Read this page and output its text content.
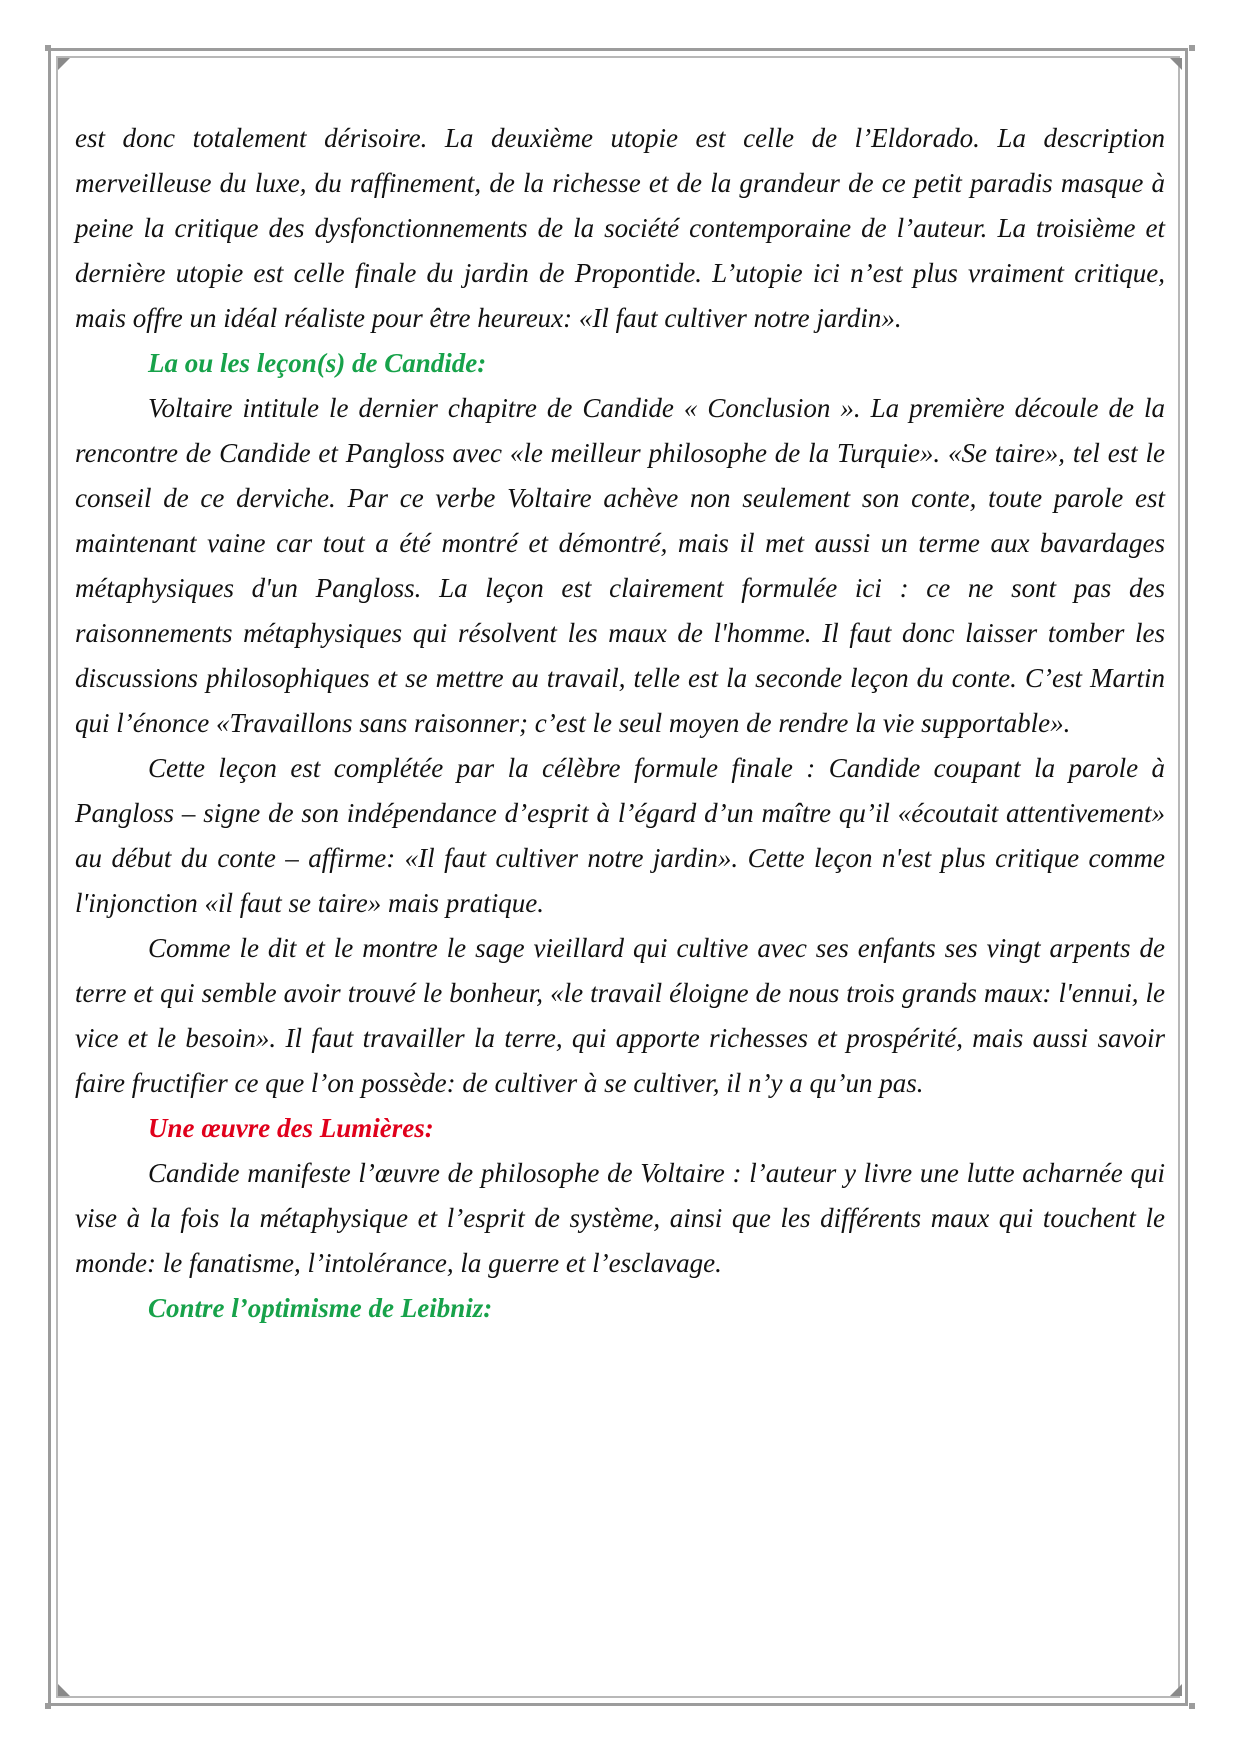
est donc totalement dérisoire. La deuxième utopie est celle de l’Eldorado. La description merveilleuse du luxe, du raffinement, de la richesse et de la grandeur de ce petit paradis masque à peine la critique des dysfonctionnements de la société contemporaine de l’auteur. La troisième et dernière utopie est celle finale du jardin de Propontide. L’utopie ici n’est plus vraiment critique, mais offre un idéal réaliste pour être heureux: «Il faut cultiver notre jardin».

La ou les leçon(s) de Candide:

Voltaire intitule le dernier chapitre de Candide « Conclusion ». La première découle de la rencontre de Candide et Pangloss avec «le meilleur philosophe de la Turquie». «Se taire», tel est le conseil de ce derviche. Par ce verbe Voltaire achève non seulement son conte, toute parole est maintenant vaine car tout a été montré et démontré, mais il met aussi un terme aux bavardages métaphysiques d'un Pangloss. La leçon est clairement formulée ici : ce ne sont pas des raisonnements métaphysiques qui résolvent les maux de l'homme. Il faut donc laisser tomber les discussions philosophiques et se mettre au travail, telle est la seconde leçon du conte. C’est Martin qui l’énonce «Travaillons sans raisonner; c’est le seul moyen de rendre la vie supportable».

Cette leçon est complétée par la célèbre formule finale : Candide coupant la parole à Pangloss – signe de son indépendance d’esprit à l’égard d’un maître qu’il «écoutait attentivement» au début du conte – affirme: «Il faut cultiver notre jardin». Cette leçon n'est plus critique comme l'injonction «il faut se taire» mais pratique.

Comme le dit et le montre le sage vieillard qui cultive avec ses enfants ses vingt arpents de terre et qui semble avoir trouvé le bonheur, «le travail éloigne de nous trois grands maux: l'ennui, le vice et le besoin». Il faut travailler la terre, qui apporte richesses et prospérité, mais aussi savoir faire fructifier ce que l’on possède: de cultiver à se cultiver, il n’y a qu’un pas.

Une œuvre des Lumières:

Candide manifeste l’œuvre de philosophe de Voltaire : l’auteur y livre une lutte acharnée qui vise à la fois la métaphysique et l’esprit de système, ainsi que les différents maux qui touchent le monde: le fanatisme, l’intolérance, la guerre et l’esclavage.

Contre l’optimisme de Leibniz:
